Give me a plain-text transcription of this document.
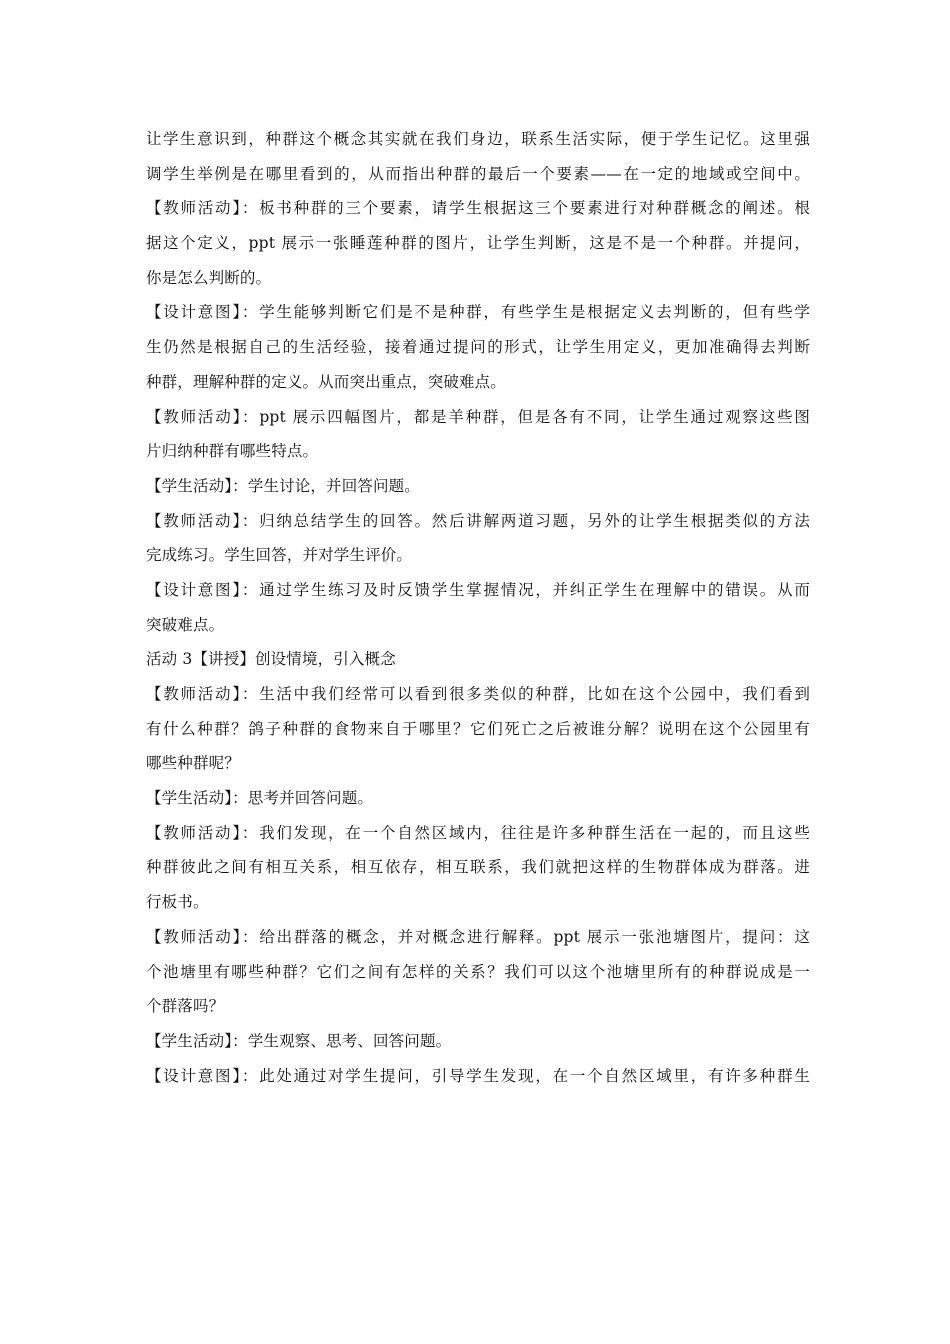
让学生意识到，种群这个概念其实就在我们身边，联系生活实际，便于学生记忆。这里强
调学生举例是在哪里看到的，从而指出种群的最后一个要素——在一定的地域或空间中。
【教师活动】：板书种群的三个要素，请学生根据这三个要素进行对种群概念的阐述。根
据这个定义，ppt 展示一张睡莲种群的图片，让学生判断，这是不是一个种群。并提问，
你是怎么判断的。
【设计意图】：学生能够判断它们是不是种群，有些学生是根据定义去判断的，但有些学
生仍然是根据自己的生活经验，接着通过提问的形式，让学生用定义，更加准确得去判断
种群，理解种群的定义。从而突出重点，突破难点。
【教师活动】：ppt 展示四幅图片，都是羊种群，但是各有不同，让学生通过观察这些图
片归纳种群有哪些特点。
【学生活动】：学生讨论，并回答问题。
【教师活动】：归纳总结学生的回答。然后讲解两道习题，另外的让学生根据类似的方法
完成练习。学生回答，并对学生评价。
【设计意图】：通过学生练习及时反馈学生掌握情况，并纠正学生在理解中的错误。从而
突破难点。
活动 3【讲授】创设情境，引入概念
【教师活动】：生活中我们经常可以看到很多类似的种群，比如在这个公园中，我们看到
有什么种群？鸽子种群的食物来自于哪里？它们死亡之后被谁分解？说明在这个公园里有
哪些种群呢？
【学生活动】：思考并回答问题。
【教师活动】：我们发现，在一个自然区域内，往往是许多种群生活在一起的，而且这些
种群彼此之间有相互关系，相互依存，相互联系，我们就把这样的生物群体成为群落。进
行板书。
【教师活动】：给出群落的概念，并对概念进行解释。ppt 展示一张池塘图片，提问：这
个池塘里有哪些种群？它们之间有怎样的关系？我们可以这个池塘里所有的种群说成是一
个群落吗？
【学生活动】：学生观察、思考、回答问题。
【设计意图】：此处通过对学生提问，引导学生发现，在一个自然区域里，有许多种群生
